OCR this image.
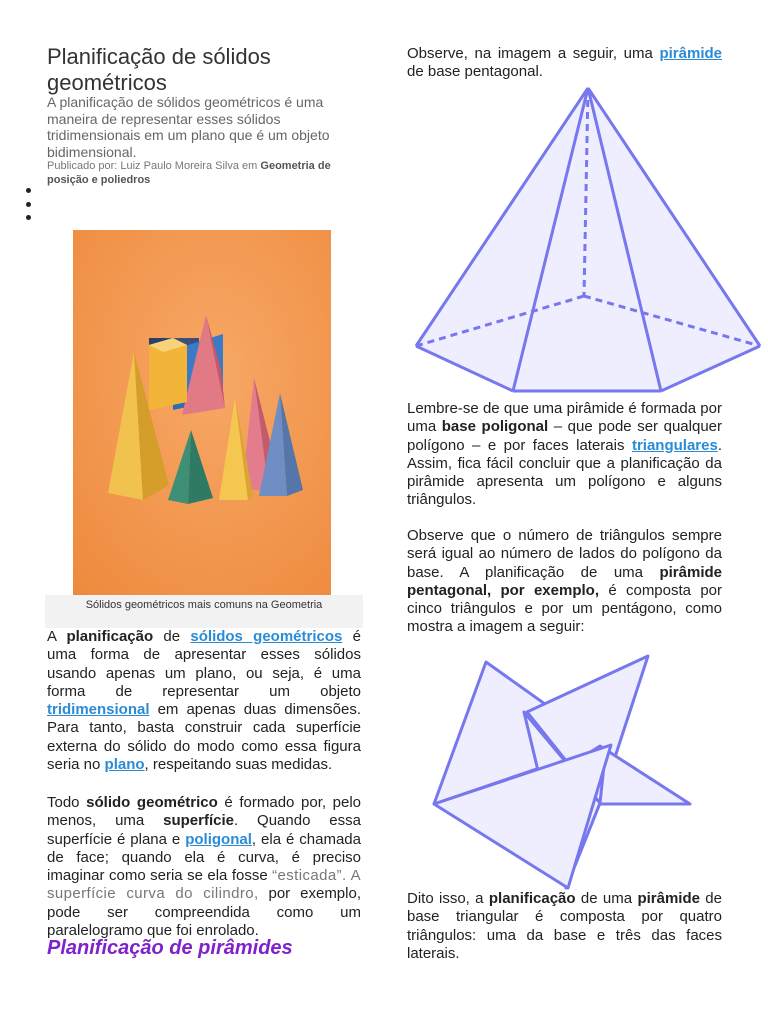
Planificação de sólidos geométricos
A planificação de sólidos geométricos é uma maneira de representar esses sólidos tridimensionais em um plano que é um objeto bidimensional.
Publicado por: Luiz Paulo Moreira Silva em Geometria de posição e poliedros
Sólidos geométricos mais comuns na Geometria
A planificação de sólidos geométricos é uma forma de apresentar esses sólidos usando apenas um plano, ou seja, é uma forma de representar um objeto tridimensional em apenas duas dimensões. Para tanto, basta construir cada superfície externa do sólido do modo como essa figura seria no plano, respeitando suas medidas.
Todo sólido geométrico é formado por, pelo menos, uma superfície. Quando essa superfície é plana e poligonal, ela é chamada de face; quando ela é curva, é preciso imaginar como seria se ela fosse “esticada”. A superfície curva do cilindro, por exemplo, pode ser compreendida como um paralelogramo que foi enrolado.
Planificação de pirâmides
Observe, na imagem a seguir, uma pirâmide de base pentagonal.
Lembre-se de que uma pirâmide é formada por uma base poligonal – que pode ser qualquer polígono – e por faces laterais triangulares. Assim, fica fácil concluir que a planificação da pirâmide apresenta um polígono e alguns triângulos.
Observe que o número de triângulos sempre será igual ao número de lados do polígono da base. A planificação de uma pirâmide pentagonal, por exemplo, é composta por cinco triângulos e por um pentágono, como mostra a imagem a seguir:
Dito isso, a planificação de uma pirâmide de base triangular é composta por quatro triângulos: uma da base e três das faces laterais.
